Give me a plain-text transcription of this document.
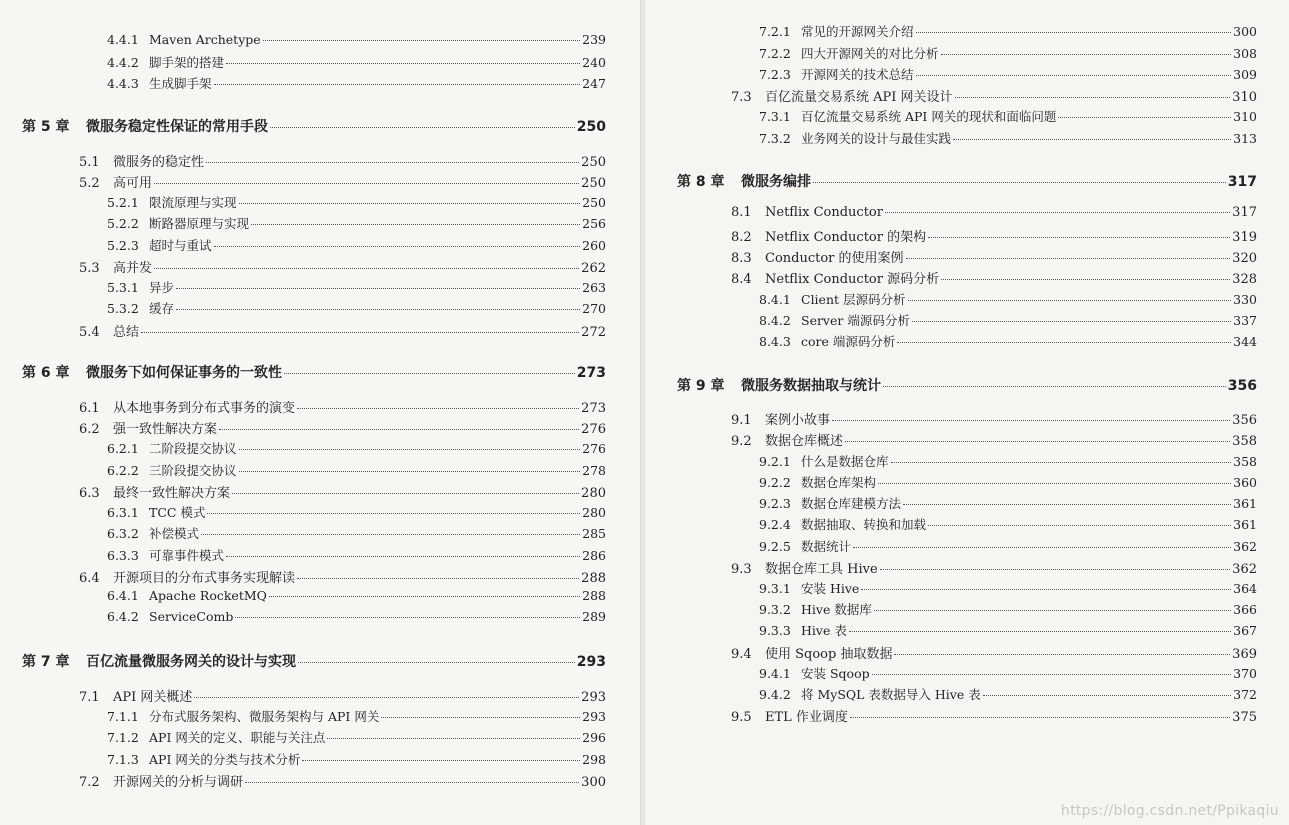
4.4.1 Maven Archetype	239
4.4.2 脚手架的搭建	240
4.4.3 生成脚手架	247
第 5 章	微服务稳定性保证的常用手段	250
5.1	微服务的稳定性	250
5.2	高可用	250
5.2.1 限流原理与实现	250
5.2.2 断路器原理与实现	256
5.2.3 超时与重试	260
5.3	高并发	262
5.3.1 异步	263
5.3.2 缓存	270
5.4	总结	272
第 6 章	微服务下如何保证事务的一致性	273
6.1	从本地事务到分布式事务的演变	273
6.2	强一致性解决方案	276
6.2.1 二阶段提交协议	276
6.2.2 三阶段提交协议	278
6.3	最终一致性解决方案	280
6.3.1 TCC 模式	280
6.3.2 补偿模式	285
6.3.3 可靠事件模式	286
6.4	开源项目的分布式事务实现解读	288
6.4.1 Apache RocketMQ	288
6.4.2 ServiceComb	289
第 7 章	百亿流量微服务网关的设计与实现	293
7.1	API 网关概述	293
7.1.1 分布式服务架构、微服务架构与 API 网关	293
7.1.2 API 网关的定义、职能与关注点	296
7.1.3 API 网关的分类与技术分析	298
7.2	开源网关的分析与调研	300
7.2.1 常见的开源网关介绍	300
7.2.2 四大开源网关的对比分析	308
7.2.3 开源网关的技术总结	309
7.3	百亿流量交易系统 API 网关设计	310
7.3.1 百亿流量交易系统 API 网关的现状和面临问题	310
7.3.2 业务网关的设计与最佳实践	313
第 8 章	微服务编排	317
8.1	Netflix Conductor	317
8.2	Netflix Conductor 的架构	319
8.3	Conductor 的使用案例	320
8.4	Netflix Conductor 源码分析	328
8.4.1 Client 层源码分析	330
8.4.2 Server 端源码分析	337
8.4.3 core 端源码分析	344
第 9 章	微服务数据抽取与统计	356
9.1	案例小故事	356
9.2	数据仓库概述	358
9.2.1 什么是数据仓库	358
9.2.2 数据仓库架构	360
9.2.3 数据仓库建模方法	361
9.2.4 数据抽取、转换和加载	361
9.2.5 数据统计	362
9.3	数据仓库工具 Hive	362
9.3.1 安装 Hive	364
9.3.2 Hive 数据库	366
9.3.3 Hive 表	367
9.4	使用 Sqoop 抽取数据	369
9.4.1 安装 Sqoop	370
9.4.2 将 MySQL 表数据导入 Hive 表	372
9.5	ETL 作业调度	375
https://blog.csdn.net/Ppikaqiu
